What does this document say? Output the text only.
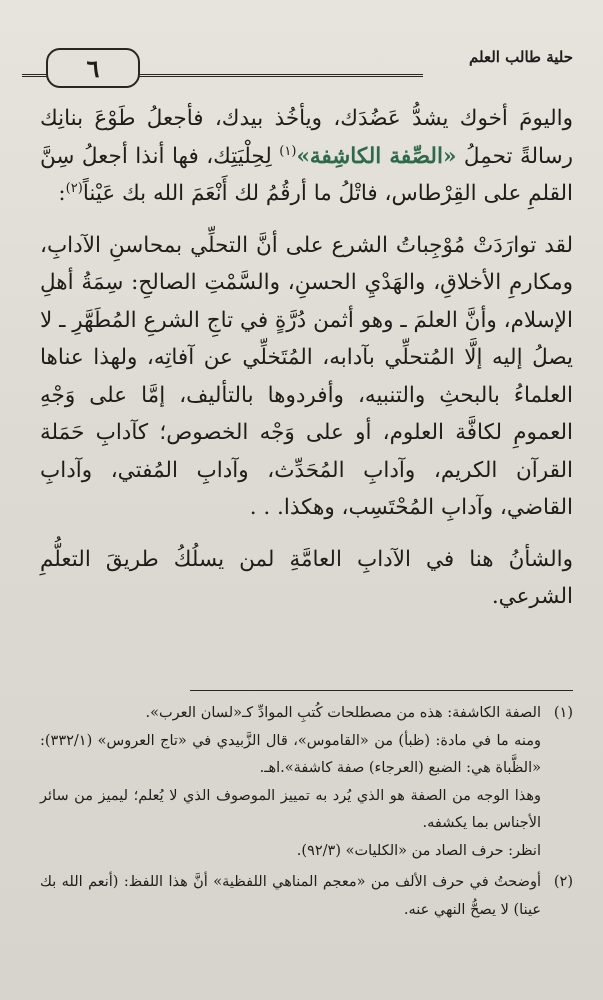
حلية طالب العلم
٦

واليومَ أخوك يشدُّ عَضُدَك، ويأخُذ بيدك، فأجعلُ طَوْعَ بنانِك رسالةً تحمِلُ «الصِّفة الكاشِفة»$^{(١)}$ لِحِلْيَتِك، فها أنذا أجعلُ سِنَّ القلمِ على القِرْطاس، فاتْلُ ما أرقُمُ لك أَنْعَمَ الله بك عَيْناً$^{(٢)}$:

لقد توارَدَتْ مُوْجِباتُ الشرع على أنَّ التحلِّي بمحاسنِ الآدابِ، ومكارمِ الأخلاقِ، والهَدْيِ الحسنِ، والسَّمْتِ الصالحِ: سِمَةُ أهلِ الإسلام، وأنَّ العلمَ ـ وهو أثمن دُرَّةٍ في تاجِ الشرعِ المُطَهَّرِ ـ لا يصلُ إليه إلَّا المُتحلِّي بآدابه، المُتَخلِّي عن آفاتِه، ولهذا عناها العلماءُ بالبحثِ والتنبيه، وأفردوها بالتأليف، إمَّا على وَجْهِ العمومِ لكافَّة العلوم، أو على وَجْه الخصوص؛ كآدابِ حَمَلة القرآن الكريم، وآدابِ المُحَدِّث، وآدابِ المُفتي، وآدابِ القاضي، وآدابِ المُحْتَسِب، وهكذا. . .

والشأنُ هنا في الآدابِ العامَّةِ لمن يسلُكُ طريقَ التعلُّمِ الشرعي.

(١)

الصفة الكاشفة: هذه من مصطلحات كُتبِ الموادِّ كـ«لسان العرب».

ومنه ما في مادة: (ظبأ) من «القاموس»، قال الزَّبيدي في «تاج العروس» (٣٣٢/١): «الظَّباة هي: الضبع (العرجاء) صفة كاشفة».اهـ.

وهذا الوجه من الصفة هو الذي يُرد به تمييز الموصوف الذي لا يُعلم؛ ليميز من سائر الأجناس بما يكشفه.

انظر: حرف الصاد من «الكليات» (٩٢/٣).

(٢)

أوضحتُ في حرف الألف من «معجم المناهي اللفظية» أنَّ هذا اللفظ: (أنعم الله بك عينا) لا يصحُّ النهي عنه.
